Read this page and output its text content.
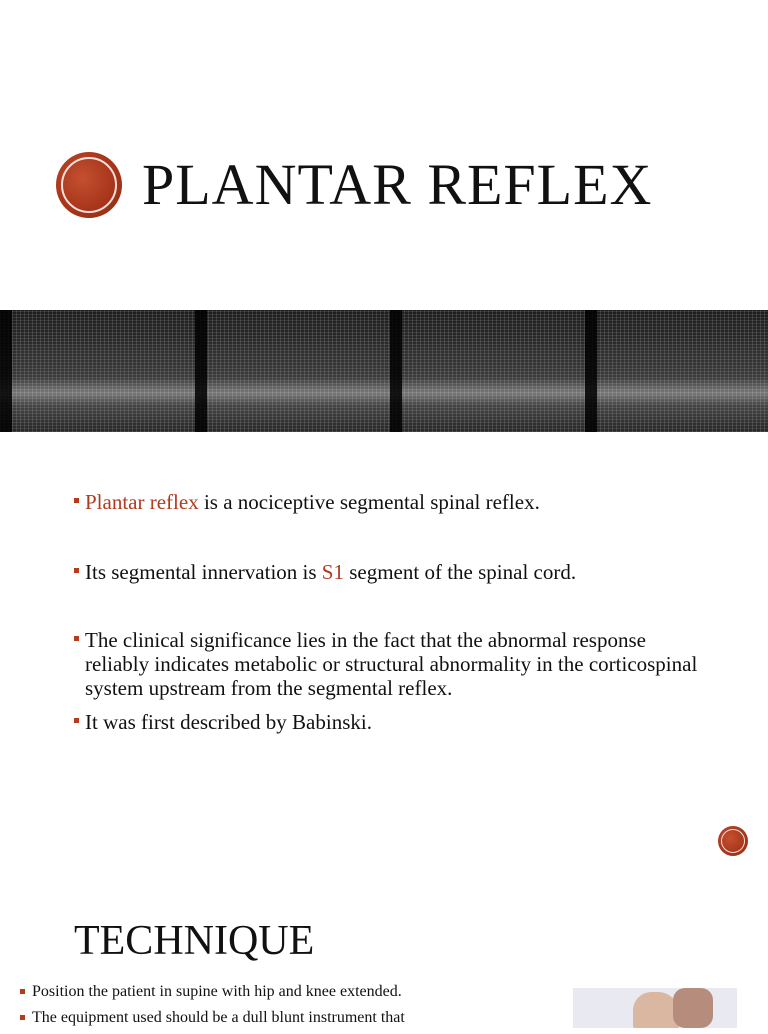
PLANTAR REFLEX

Plantar reflex is a nociceptive segmental spinal reflex.

Its segmental innervation is S1 segment of the spinal cord.

The clinical significance lies in the fact that the abnormal response reliably indicates metabolic or structural abnormality in the corticospinal system upstream from the segmental reflex.

It was first described by Babinski.

TECHNIQUE

Position the patient in supine with hip and knee extended.

The equipment used should be a dull blunt instrument that
